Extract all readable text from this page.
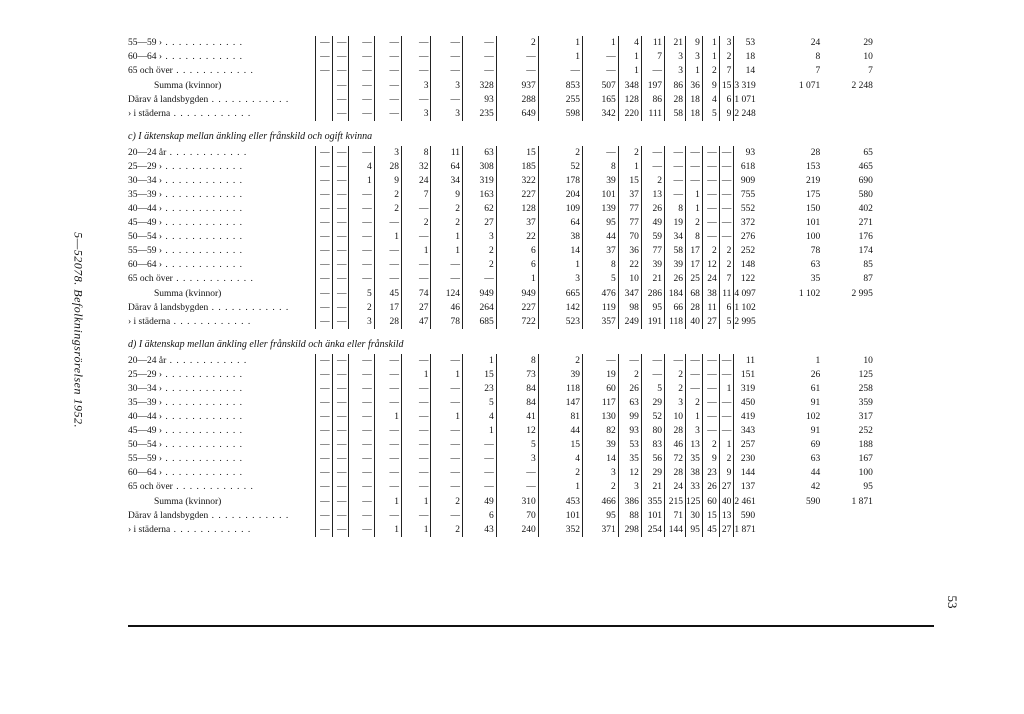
5—52078. Befolkningsrörelsen 1952.
53
55—59 › . . . . . . . . . . . .	—	—	—	—	—	—	—	2	1	1	4	11	21	9	1	3	53	24	29
60—64 › . . . . . . . . . . . .	—	—	—	—	—	—	—	—	1	—	1	7	3	3	1	2	18	8	10
65 och över . . . . . . . . . . . .	—	—	—	—	—	—	—	—	—	—	1	—	3	1	2	7	14	7	7
Summa (kvinnor)		—	—	—	3	3	328	937	853	507	348	197	86	36	9	15	3 319	1 071	2 248
Därav å landsbygden . . . . . . . . . . . .		—	—	—	—	—	93	288	255	165	128	86	28	18	4	6	1 071		
› i städerna . . . . . . . . . . . .		—	—	—	3	3	235	649	598	342	220	111	58	18	5	9	2 248		
c) I äktenskap mellan änkling eller frånskild och ogift kvinna																			
20—24 år . . . . . . . . . . . .	—	—	—	3	8	11	63	15	2	—	2	—	—	—	—	—	93	28	65
25—29 › . . . . . . . . . . . .	—	—	4	28	32	64	308	185	52	8	1	—	—	—	—	—	618	153	465
30—34 › . . . . . . . . . . . .	—	—	1	9	24	34	319	322	178	39	15	2	—	—	—	—	909	219	690
35—39 › . . . . . . . . . . . .	—	—	—	2	7	9	163	227	204	101	37	13	—	1	—	—	755	175	580
40—44 › . . . . . . . . . . . .	—	—	—	2	—	2	62	128	109	139	77	26	8	1	—	—	552	150	402
45—49 › . . . . . . . . . . . .	—	—	—	—	2	2	27	37	64	95	77	49	19	2	—	—	372	101	271
50—54 › . . . . . . . . . . . .	—	—	—	1	—	1	3	22	38	44	70	59	34	8	—	—	276	100	176
55—59 › . . . . . . . . . . . .	—	—	—	—	1	1	2	6	14	37	36	77	58	17	2	2	252	78	174
60—64 › . . . . . . . . . . . .	—	—	—	—	—	—	2	6	1	8	22	39	39	17	12	2	148	63	85
65 och över . . . . . . . . . . . .	—	—	—	—	—	—	—	1	3	5	10	21	26	25	24	7	122	35	87
Summa (kvinnor)	—	—	5	45	74	124	949	949	665	476	347	286	184	68	38	11	4 097	1 102	2 995
Därav å landsbygden . . . . . . . . . . . .	—	—	2	17	27	46	264	227	142	119	98	95	66	28	11	6	1 102		
› i städerna . . . . . . . . . . . .	—	—	3	28	47	78	685	722	523	357	249	191	118	40	27	5	2 995		
d) I äktenskap mellan änkling eller frånskild och änka eller frånskild																			
20—24 år . . . . . . . . . . . .	—	—	—	—	—	—	1	8	2	—	—	—	—	—	—	—	11	1	10
25—29 › . . . . . . . . . . . .	—	—	—	—	1	1	15	73	39	19	2	—	2	—	—	—	151	26	125
30—34 › . . . . . . . . . . . .	—	—	—	—	—	—	23	84	118	60	26	5	2	—	—	1	319	61	258
35—39 › . . . . . . . . . . . .	—	—	—	—	—	—	5	84	147	117	63	29	3	2	—	—	450	91	359
40—44 › . . . . . . . . . . . .	—	—	—	1	—	1	4	41	81	130	99	52	10	1	—	—	419	102	317
45—49 › . . . . . . . . . . . .	—	—	—	—	—	—	1	12	44	82	93	80	28	3	—	—	343	91	252
50—54 › . . . . . . . . . . . .	—	—	—	—	—	—	—	5	15	39	53	83	46	13	2	1	257	69	188
55—59 › . . . . . . . . . . . .	—	—	—	—	—	—	—	3	4	14	35	56	72	35	9	2	230	63	167
60—64 › . . . . . . . . . . . .	—	—	—	—	—	—	—	—	2	3	12	29	28	38	23	9	144	44	100
65 och över . . . . . . . . . . . .	—	—	—	—	—	—	—	—	1	2	3	21	24	33	26	27	137	42	95
Summa (kvinnor)	—	—	—	1	1	2	49	310	453	466	386	355	215	125	60	40	2 461	590	1 871
Därav å landsbygden . . . . . . . . . . . .	—	—	—	—	—	—	6	70	101	95	88	101	71	30	15	13	590		
› i städerna . . . . . . . . . . . .	—	—	—	1	1	2	43	240	352	371	298	254	144	95	45	27	1 871		
